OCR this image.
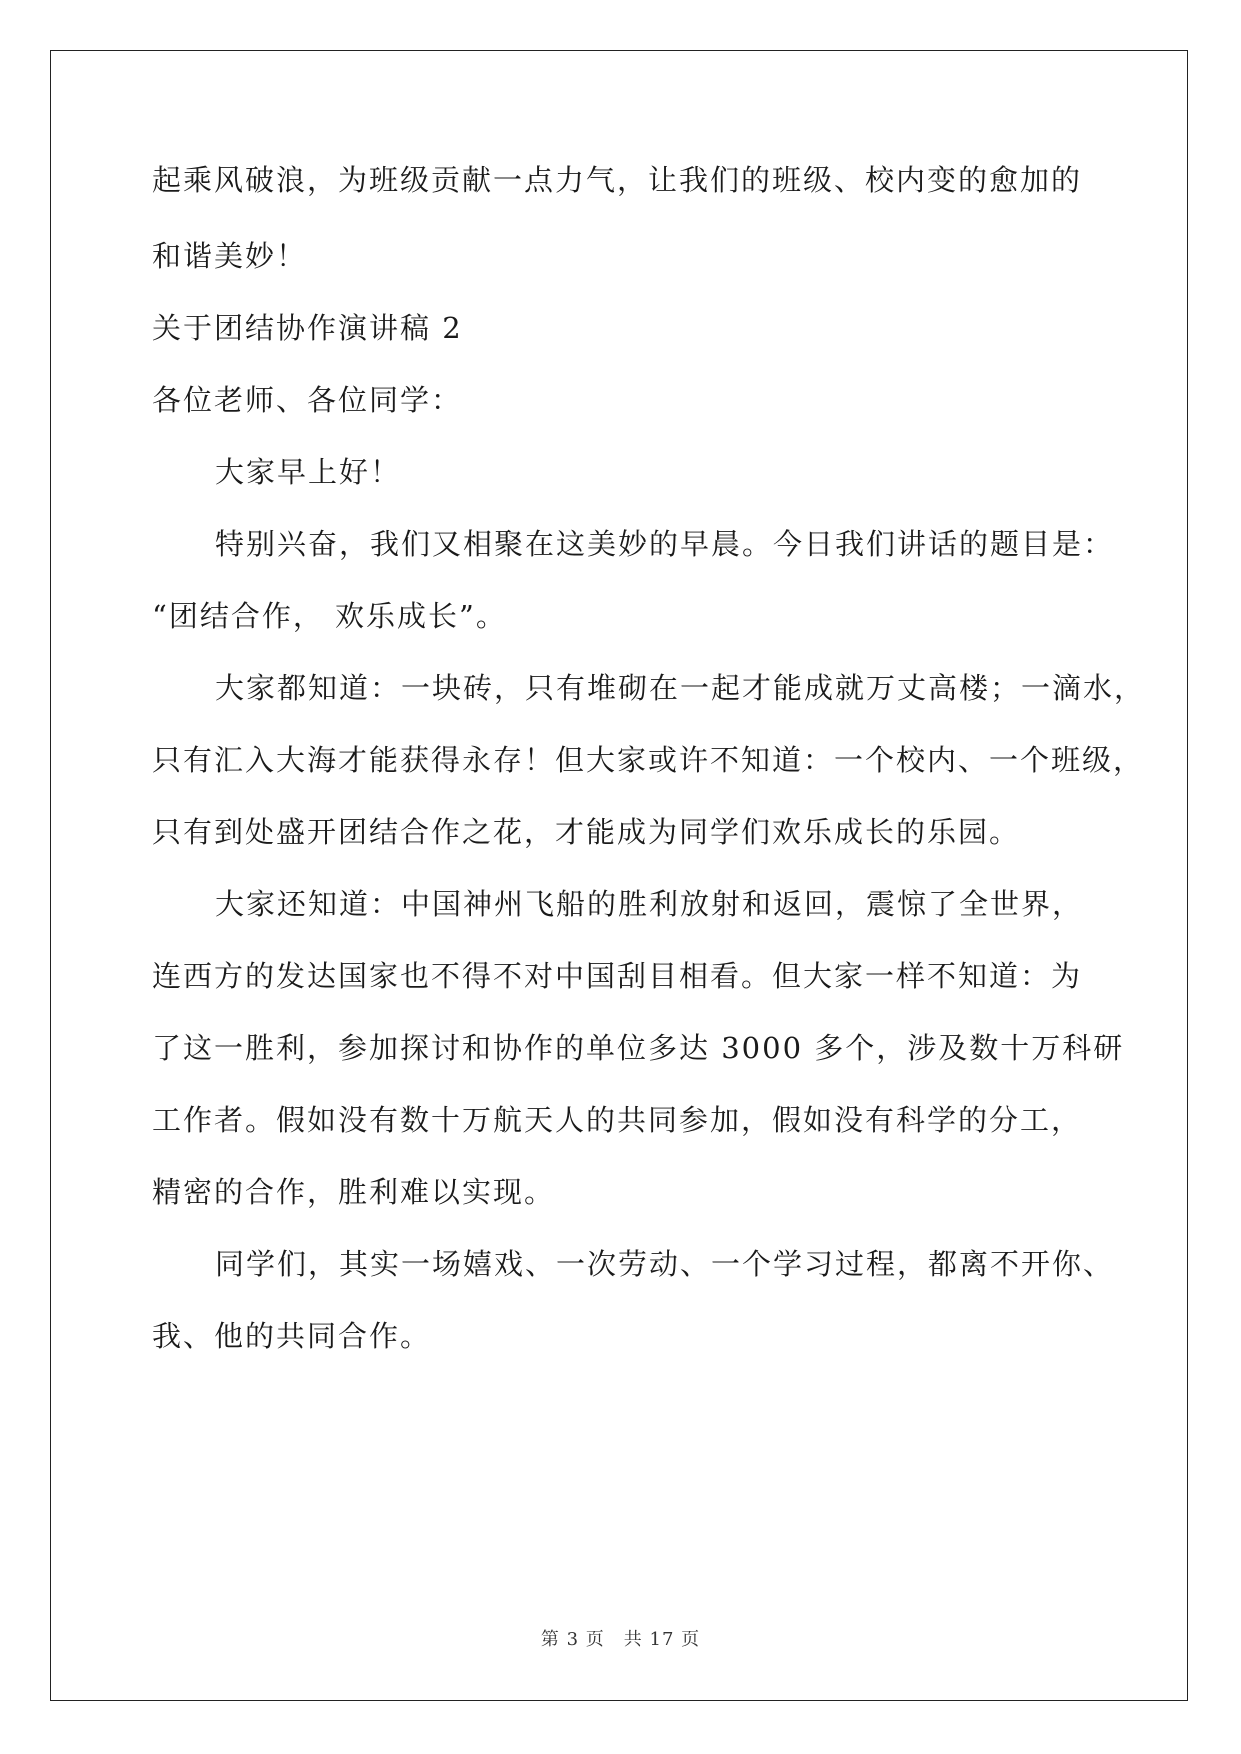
起乘风破浪，为班级贡献一点力气，让我们的班级、校内变的愈加的
和谐美妙！
关于团结协作演讲稿 2
各位老师、各位同学：
大家早上好！
特别兴奋，我们又相聚在这美妙的早晨。今日我们讲话的题目是：
“团结合作， 欢乐成长”。
大家都知道：一块砖，只有堆砌在一起才能成就万丈高楼；一滴水，
只有汇入大海才能获得永存！但大家或许不知道：一个校内、一个班级，
只有到处盛开团结合作之花，才能成为同学们欢乐成长的乐园。
大家还知道：中国神州飞船的胜利放射和返回，震惊了全世界，
连西方的发达国家也不得不对中国刮目相看。但大家一样不知道：为
了这一胜利，参加探讨和协作的单位多达 3000 多个，涉及数十万科研
工作者。假如没有数十万航天人的共同参加，假如没有科学的分工，
精密的合作，胜利难以实现。
同学们，其实一场嬉戏、一次劳动、一个学习过程，都离不开你、
我、他的共同合作。
第 3 页　共 17 页
